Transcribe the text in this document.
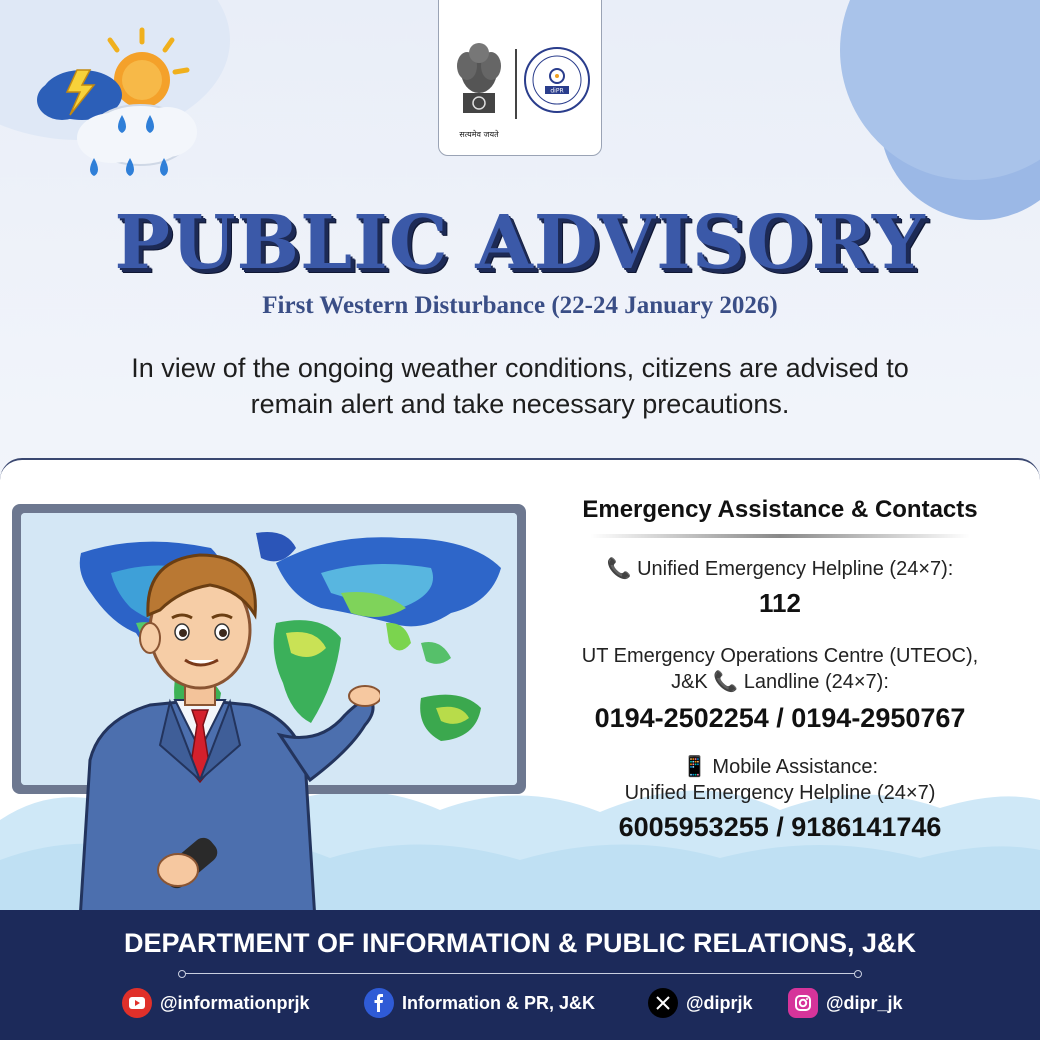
सत्यमेव जयते
diPR
PUBLIC ADVISORY
First Western Disturbance (22-24 January 2026)
In view of the ongoing weather conditions, citizens are advised to remain alert and take necessary precautions.
Emergency Assistance & Contacts
📞 Unified Emergency Helpline (24×7):
112
UT Emergency Operations Centre (UTEOC),
J&K 📞 Landline (24×7):
0194-2502254 / 0194-2950767
📱 Mobile Assistance:
Unified Emergency Helpline (24×7)
6005953255 / 9186141746
DEPARTMENT OF INFORMATION & PUBLIC RELATIONS, J&K
@informationprjk	Information & PR, J&K	@diprjk	@dipr_jk
